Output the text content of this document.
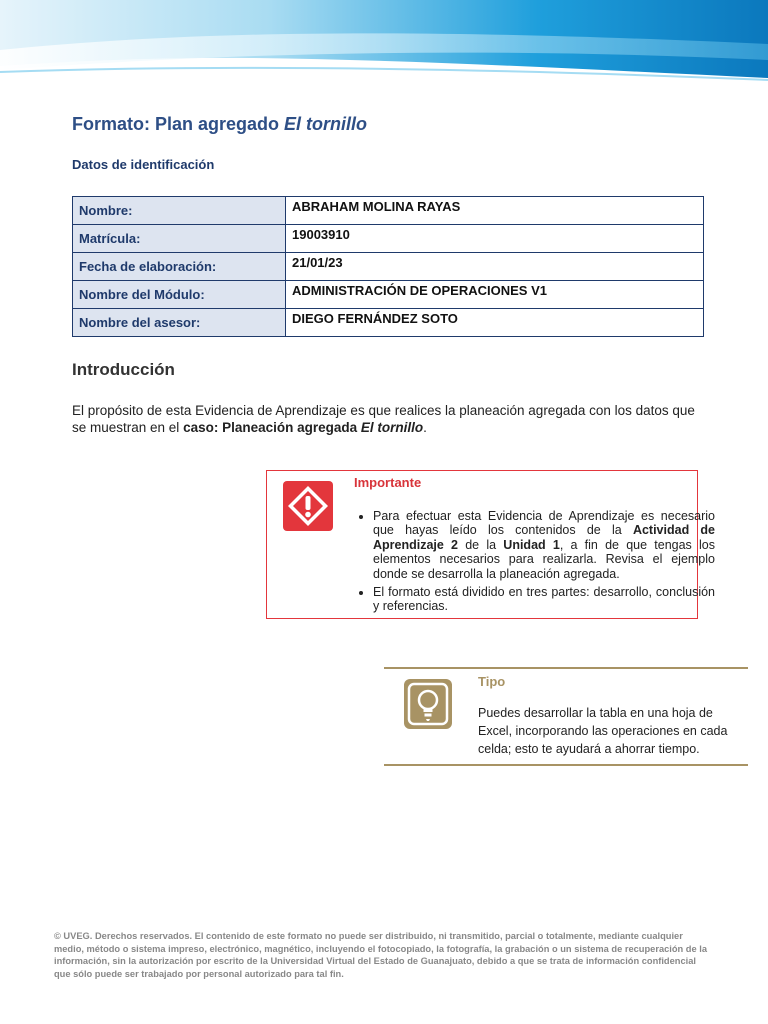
Formato: Plan agregado El tornillo
Datos de identificación
Nombre:	ABRAHAM MOLINA RAYAS
Matrícula:	19003910
Fecha de elaboración:	21/01/23
Nombre del Módulo:	ADMINISTRACIÓN DE OPERACIONES V1
Nombre del asesor:	DIEGO FERNÁNDEZ SOTO
Introducción
El propósito de esta Evidencia de Aprendizaje es que realices la planeación agregada con los datos que se muestran en el caso: Planeación agregada El tornillo.
Importante
• Para efectuar esta Evidencia de Aprendizaje es necesario que hayas leído los contenidos de la Actividad de Aprendizaje 2 de la Unidad 1, a fin de que tengas los elementos necesarios para realizarla. Revisa el ejemplo donde se desarrolla la planeación agregada.
• El formato está dividido en tres partes: desarrollo, conclusión y referencias.
Tipo
Puedes desarrollar la tabla en una hoja de Excel, incorporando las operaciones en cada celda; esto te ayudará a ahorrar tiempo.
© UVEG. Derechos reservados. El contenido de este formato no puede ser distribuido, ni transmitido, parcial o totalmente, mediante cualquier medio, método o sistema impreso, electrónico, magnético, incluyendo el fotocopiado, la fotografía, la grabación o un sistema de recuperación de la información, sin la autorización por escrito de la Universidad Virtual del Estado de Guanajuato, debido a que se trata de información confidencial que sólo puede ser trabajado por personal autorizado para tal fin.
